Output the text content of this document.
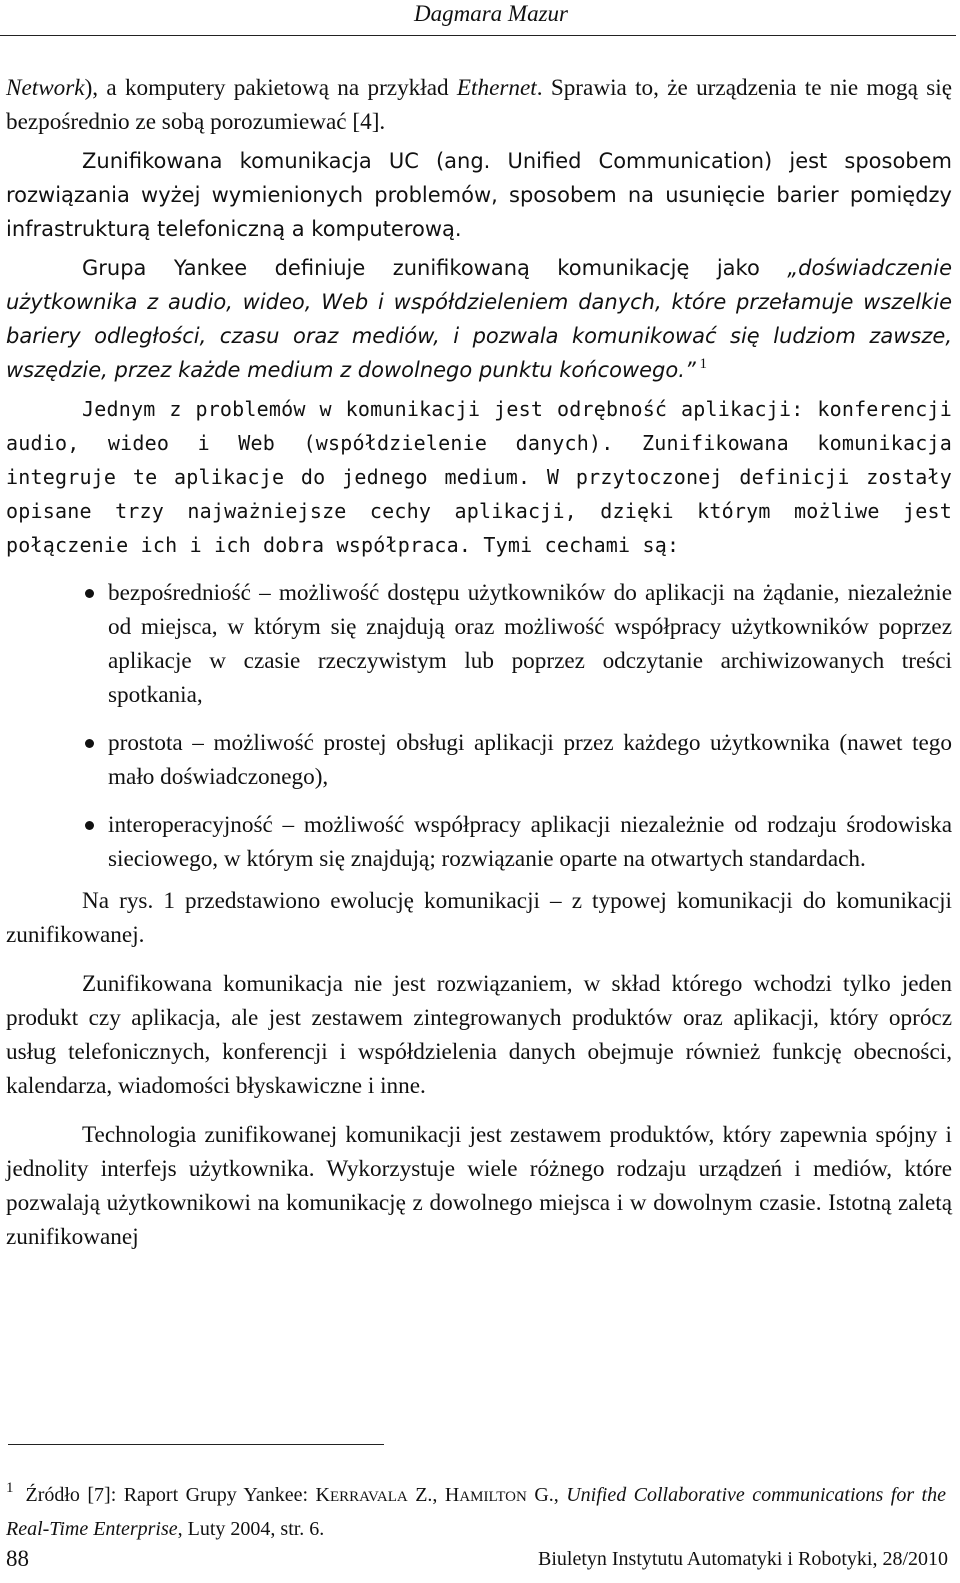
Dagmara Mazur

Network), a komputery pakietową na przykład Ethernet. Sprawia to, że urządzenia te nie mogą się bezpośrednio ze sobą porozumiewać [4].

Zunifikowana komunikacja UC (ang. Unified Communication) jest sposobem rozwiązania wyżej wymienionych problemów, sposobem na usunięcie barier pomiędzy infrastrukturą telefoniczną a komputerową.

Grupa Yankee definiuje zunifikowaną komunikację jako „doświadczenie użytkownika z audio, wideo, Web i współdzieleniem danych, które przełamuje wszelkie bariery odległości, czasu oraz mediów, i pozwala komunikować się ludziom zawsze, wszędzie, przez każde medium z dowolnego punktu końcowego.” $^1$

Jednym z problemów w komunikacji jest odrębność aplikacji: konferencji audio, wideo i Web (współdzielenie danych). Zunifikowana komunikacja integruje te aplikacje do jednego medium. W przytoczonej definicji zostały opisane trzy najważniejsze cechy aplikacji, dzięki którym możliwe jest połączenie ich i ich dobra współpraca. Tymi cechami są:

bezpośredniość – możliwość dostępu użytkowników do aplikacji na żądanie, niezależnie od miejsca, w którym się znajdują oraz możliwość współpracy użytkowników poprzez aplikacje w czasie rzeczywistym lub poprzez odczytanie archiwizowanych treści spotkania,
prostota – możliwość prostej obsługi aplikacji przez każdego użytkownika (nawet tego mało doświadczonego),
interoperacyjność – możliwość współpracy aplikacji niezależnie od rodzaju środowiska sieciowego, w którym się znajdują; rozwiązanie oparte na otwartych standardach.

Na rys. 1 przedstawiono ewolucję komunikacji – z typowej komunikacji do komunikacji zunifikowanej.

Zunifikowana komunikacja nie jest rozwiązaniem, w skład którego wchodzi tylko jeden produkt czy aplikacja, ale jest zestawem zintegrowanych produktów oraz aplikacji, który oprócz usług telefonicznych, konferencji i współdzielenia danych obejmuje również funkcję obecności, kalendarza, wiadomości błyskawiczne i inne.

Technologia zunifikowanej komunikacji jest zestawem produktów, który zapewnia spójny i jednolity interfejs użytkownika. Wykorzystuje wiele różnego rodzaju urządzeń i mediów, które pozwalają użytkownikowi na komunikację z dowolnego miejsca i w dowolnym czasie. Istotną zaletą zunifikowanej

$^1$ Źródło [7]: Raport Grupy Yankee: KERRAVALA Z., HAMILTON G., Unified Collaborative communications for the Real-Time Enterprise, Luty 2004, str. 6.
88	Biuletyn Instytutu Automatyki i Robotyki, 28/2010
